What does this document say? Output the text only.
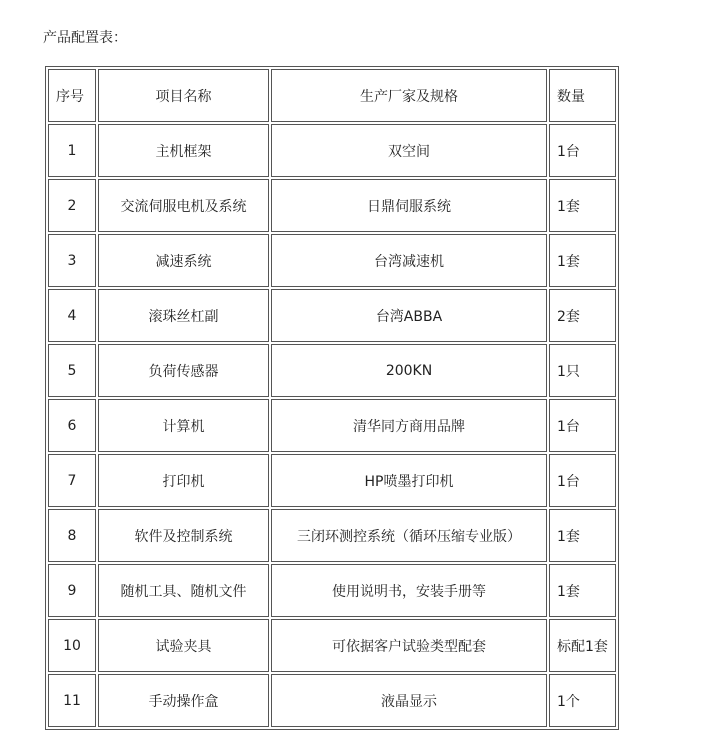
产品配置表：
序号	项目名称	生产厂家及规格	数量
1	主机框架	双空间	1台
2	交流伺服电机及系统	日鼎伺服系统	1套
3	减速系统	台湾减速机	1套
4	滚珠丝杠副	台湾ABBA	2套
5	负荷传感器	200KN	1只
6	计算机	清华同方商用品牌	1台
7	打印机	HP喷墨打印机	1台
8	软件及控制系统	三闭环测控系统（循环压缩专业版）	1套
9	随机工具、随机文件	使用说明书，安装手册等	1套
10	试验夹具	可依据客户试验类型配套	标配1套
11	手动操作盒	液晶显示	1个
